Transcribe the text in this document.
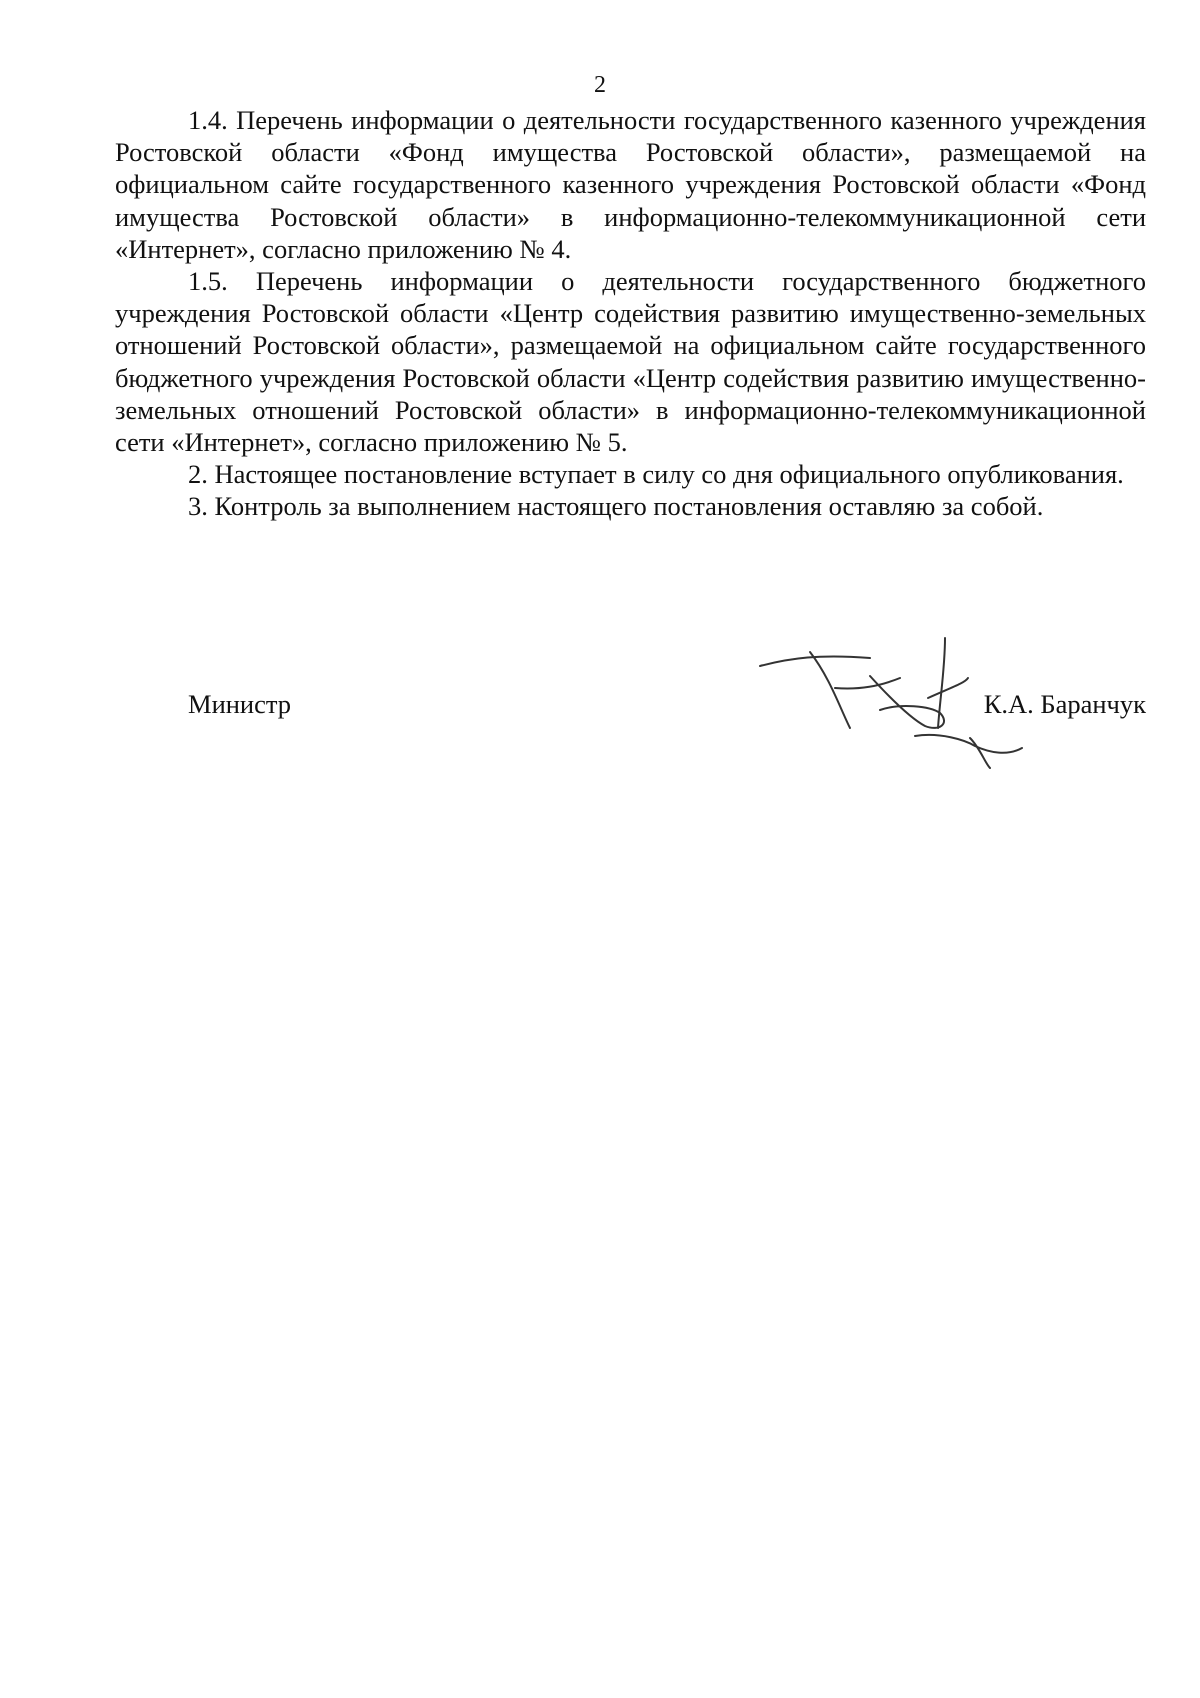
2

1.4. Перечень информации о деятельности государственного казенного учреждения Ростовской области «Фонд имущества Ростовской области», размещаемой на официальном сайте государственного казенного учреждения Ростовской области «Фонд имущества Ростовской области» в информационно-телекоммуникационной сети «Интернет», согласно приложению № 4.

1.5. Перечень информации о деятельности государственного бюджетного учреждения Ростовской области «Центр содействия развитию имущественно-земельных отношений Ростовской области», размещаемой на официальном сайте государственного бюджетного учреждения Ростовской области «Центр содействия развитию имущественно-земельных отношений Ростовской области» в информационно-телекоммуникационной сети «Интернет», согласно приложению № 5.

2. Настоящее постановление вступает в силу со дня официального опубликования.

3. Контроль за выполнением настоящего постановления оставляю за собой.

Министр	К.А. Баранчук
